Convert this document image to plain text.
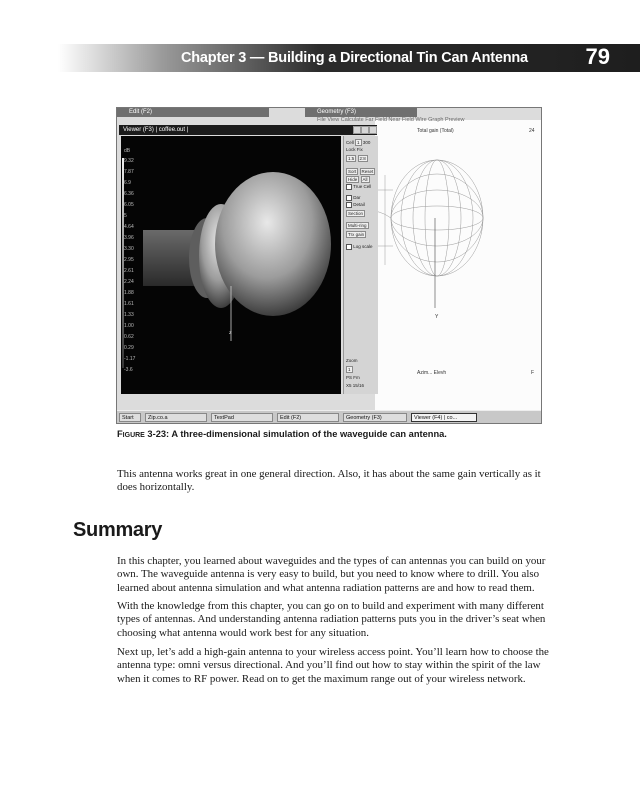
Chapter 3 — Building a Directional Tin Can Antenna	79
Edit (F2)	Geometry (F3)
File View Calculate Far Field Near Field Wire Graph Preview
Viewer (F3) | coffee.out |
dB
9.32
7.87
6.9
6.36
6.05
5
4.64
3.96
3.30
2.95
2.61
2.24
1.88
1.61
1.33
1.00
0.62
0.29
-1.17
-3.6
z
Cell 1 300
Lock Fix
1:5 2:8
Sort Reset
Hide All
True Cell
Dar
Detail
Section
Multi-ring
Trx gain
Log scale
Zoom
1
PS Fm
X5 15/16
Total gain (Total)	24
Y
Azim... Elevh	F
Start	Zip.co.a	TextPad	Edit (F2)	Geometry (F3)	Viewer (F4) | co...
Figure 3-23: A three-dimensional simulation of the waveguide can antenna.

This antenna works great in one general direction. Also, it has about the same gain vertically as it does horizontally.

Summary

In this chapter, you learned about waveguides and the types of can antennas you can build on your own. The waveguide antenna is very easy to build, but you need to know where to drill. You also learned about antenna simulation and what antenna radiation patterns are and how to read them.

With the knowledge from this chapter, you can go on to build and experiment with many different types of antennas. And understanding antenna radiation patterns puts you in the driver’s seat when choosing what antenna would work best for any situation.

Next up, let’s add a high-gain antenna to your wireless access point. You’ll learn how to choose the antenna type: omni versus directional. And you’ll find out how to stay within the spirit of the law when it comes to RF power. Read on to get the maximum range out of your wireless network.
